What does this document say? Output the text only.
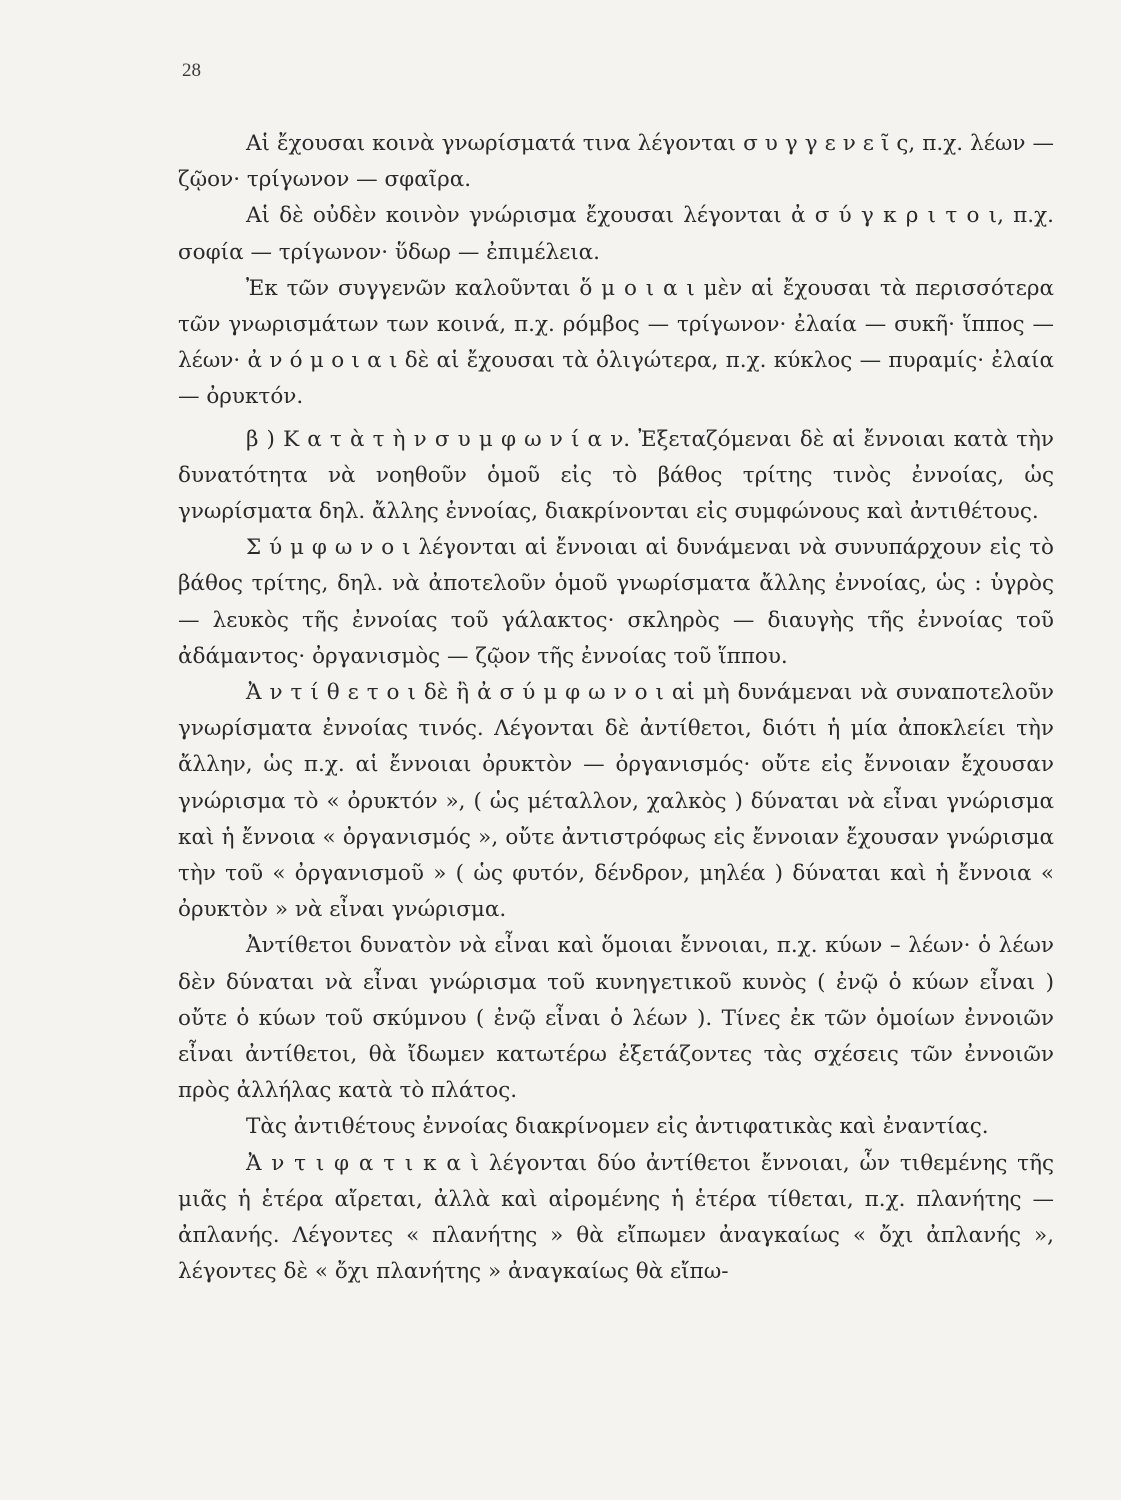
28

Αἱ ἔχουσαι κοινὰ γνωρίσματά τινα λέγονται σ υ γ γ ε ν ε ῖ ς, π.χ. λέων — ζῷον· τρίγωνον — σφαῖρα.

Αἱ δὲ οὐδὲν κοινὸν γνώρισμα ἔχουσαι λέγονται ἀ σ ύ γ κ ρ ι τ ο ι, π.χ. σοφία — τρίγωνον· ὕδωρ — ἐπιμέλεια.

Ἐκ τῶν συγγενῶν καλοῦνται ὅ μ ο ι α ι μὲν αἱ ἔχουσαι τὰ περισσότερα τῶν γνωρισμάτων των κοινά, π.χ. ρόμβος — τρίγωνον· ἐλαία — συκῆ· ἵππος — λέων· ἀ ν ό μ ο ι α ι δὲ αἱ ἔχουσαι τὰ ὀλιγώτερα, π.χ. κύκλος — πυραμίς· ἐλαία — ὀρυκτόν.

β ) Κ α τ ὰ τ ὴ ν σ υ μ φ ω ν ί α ν. Ἐξεταζόμεναι δὲ αἱ ἔννοιαι κατὰ τὴν δυνατότητα νὰ νοηθοῦν ὁμοῦ εἰς τὸ βάθος τρίτης τινὸς ἐννοίας, ὡς γνωρίσματα δηλ. ἄλλης ἐννοίας, διακρίνονται εἰς συμφώνους καὶ ἀντιθέτους.

Σ ύ μ φ ω ν ο ι λέγονται αἱ ἔννοιαι αἱ δυνάμεναι νὰ συνυπάρχουν εἰς τὸ βάθος τρίτης, δηλ. νὰ ἀποτελοῦν ὁμοῦ γνωρίσματα ἄλλης ἐννοίας, ὡς : ὑγρὸς — λευκὸς τῆς ἐννοίας τοῦ γάλακτος· σκληρὸς — διαυγὴς τῆς ἐννοίας τοῦ ἀδάμαντος· ὀργανισμὸς — ζῷον τῆς ἐννοίας τοῦ ἵππου.

Ἀ ν τ ί θ ε τ ο ι δὲ ἢ ἀ σ ύ μ φ ω ν ο ι αἱ μὴ δυνάμεναι νὰ συναποτελοῦν γνωρίσματα ἐννοίας τινός. Λέγονται δὲ ἀντίθετοι, διότι ἡ μία ἀποκλείει τὴν ἄλλην, ὡς π.χ. αἱ ἔννοιαι ὀρυκτὸν — ὀργανισμός· οὔτε εἰς ἔννοιαν ἔχουσαν γνώρισμα τὸ « ὀρυκτόν », ( ὡς μέταλλον, χαλκὸς ) δύναται νὰ εἶναι γνώρισμα καὶ ἡ ἔννοια « ὀργανισμός », οὔτε ἀντιστρόφως εἰς ἔννοιαν ἔχουσαν γνώρισμα τὴν τοῦ « ὀργανισμοῦ » ( ὡς φυτόν, δένδρον, μηλέα ) δύναται καὶ ἡ ἔννοια « ὀρυκτὸν » νὰ εἶναι γνώρισμα.

Ἀντίθετοι δυνατὸν νὰ εἶναι καὶ ὅμοιαι ἔννοιαι, π.χ. κύων – λέων· ὁ λέων δὲν δύναται νὰ εἶναι γνώρισμα τοῦ κυνηγετικοῦ κυνὸς ( ἐνῷ ὁ κύων εἶναι ) οὔτε ὁ κύων τοῦ σκύμνου ( ἐνῷ εἶναι ὁ λέων ). Τίνες ἐκ τῶν ὁμοίων ἐννοιῶν εἶναι ἀντίθετοι, θὰ ἴδωμεν κατωτέρω ἐξετάζοντες τὰς σχέσεις τῶν ἐννοιῶν πρὸς ἀλλήλας κατὰ τὸ πλάτος.

Τὰς ἀντιθέτους ἐννοίας διακρίνομεν εἰς ἀντιφατικὰς καὶ ἐναντίας.

Ἀ ν τ ι φ α τ ι κ α ὶ λέγονται δύο ἀντίθετοι ἔννοιαι, ὧν τιθεμένης τῆς μιᾶς ἡ ἑτέρα αἴρεται, ἀλλὰ καὶ αἰρομένης ἡ ἑτέρα τίθεται, π.χ. πλανήτης — ἀπλανής. Λέγοντες « πλανήτης » θὰ εἴπωμεν ἀναγκαίως « ὄχι ἀπλανής », λέγοντες δὲ « ὄχι πλανήτης » ἀναγκαίως θὰ εἴπω-
